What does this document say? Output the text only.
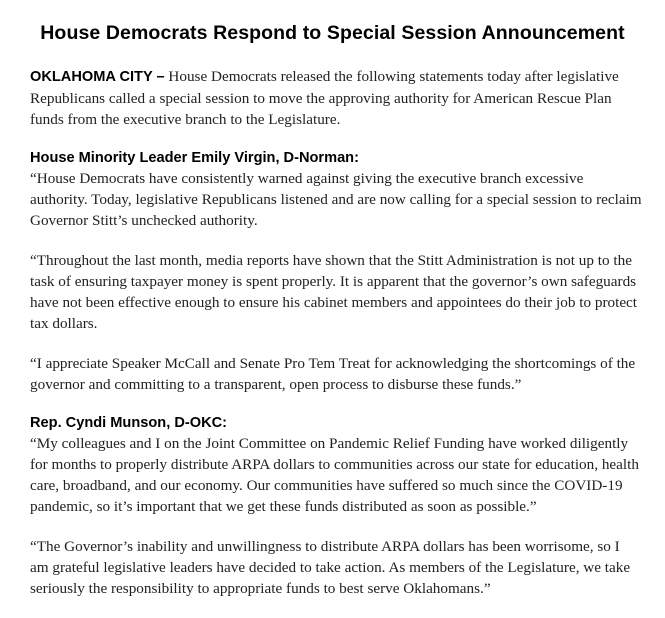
House Democrats Respond to Special Session Announcement

OKLAHOMA CITY – House Democrats released the following statements today after legislative Republicans called a special session to move the approving authority for American Rescue Plan funds from the executive branch to the Legislature.

House Minority Leader Emily Virgin, D-Norman:

“House Democrats have consistently warned against giving the executive branch excessive authority. Today, legislative Republicans listened and are now calling for a special session to reclaim Governor Stitt’s unchecked authority.

“Throughout the last month, media reports have shown that the Stitt Administration is not up to the task of ensuring taxpayer money is spent properly. It is apparent that the governor’s own safeguards have not been effective enough to ensure his cabinet members and appointees do their job to protect tax dollars.

“I appreciate Speaker McCall and Senate Pro Tem Treat for acknowledging the shortcomings of the governor and committing to a transparent, open process to disburse these funds.”

Rep. Cyndi Munson, D-OKC:

“My colleagues and I on the Joint Committee on Pandemic Relief Funding have worked diligently for months to properly distribute ARPA dollars to communities across our state for education, health care, broadband, and our economy. Our communities have suffered so much since the COVID-19 pandemic, so it’s important that we get these funds distributed as soon as possible.”

“The Governor’s inability and unwillingness to distribute ARPA dollars has been worrisome, so I am grateful legislative leaders have decided to take action. As members of the Legislature, we take seriously the responsibility to appropriate funds to best serve Oklahomans.”
